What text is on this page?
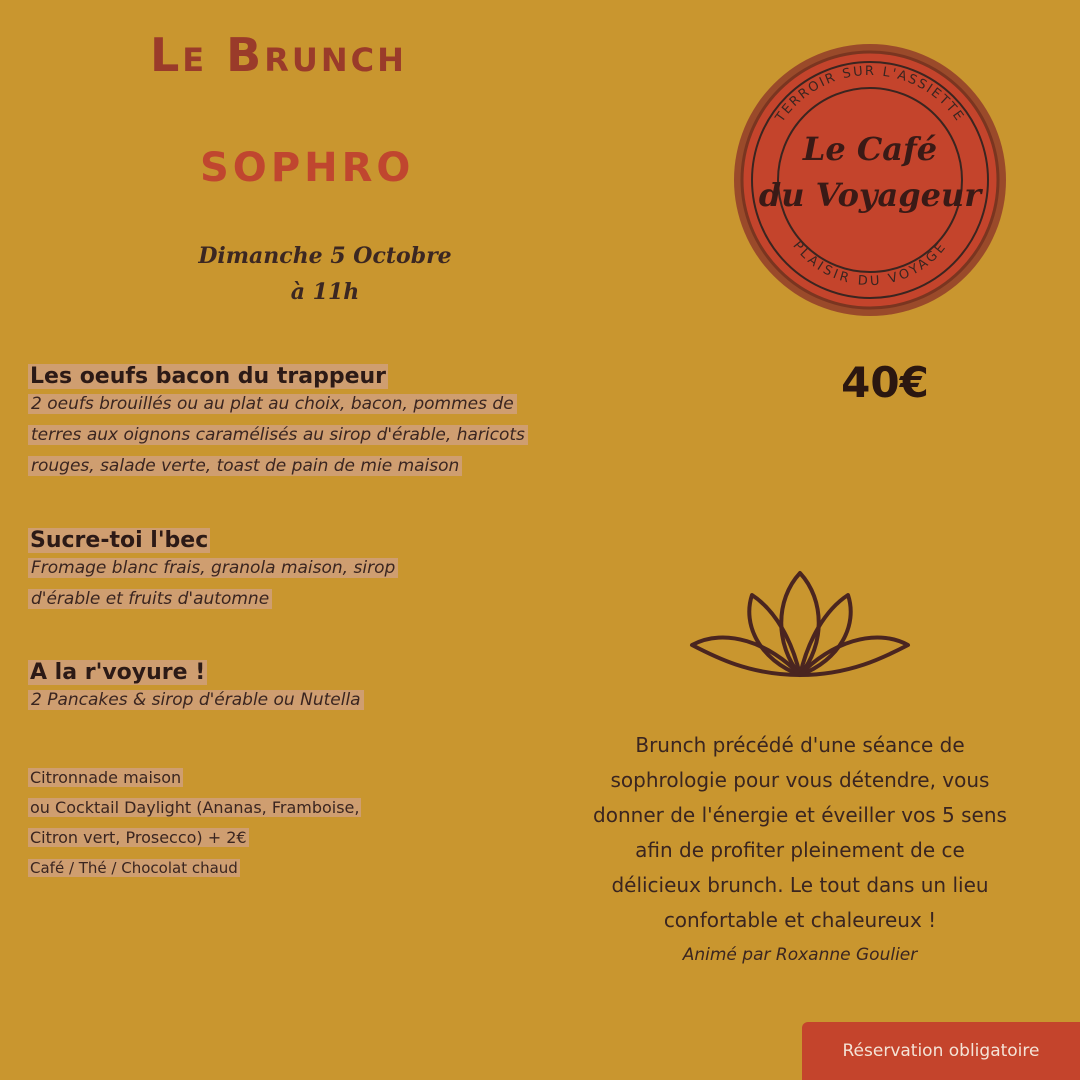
Le Brunch
SOPHRO
Dimanche 5 Octobre
à 11h
TERROIR SUR L'ASSIETTE
PLAISIR DU VOYAGE
Le Café
du Voyageur
40€
Les oeufs bacon du trappeur
2 oeufs brouillés ou au plat au choix, bacon, pommes de
terres aux oignons caramélisés au sirop d'érable, haricots
rouges, salade verte, toast de pain de mie maison
Sucre-toi l'bec
Fromage blanc frais, granola maison, sirop
d'érable et fruits d'automne
A la r'voyure !
2 Pancakes & sirop d'érable ou Nutella
Citronnade maison
ou Cocktail Daylight (Ananas, Framboise,
Citron vert, Prosecco) + 2€
Café / Thé / Chocolat chaud
Brunch précédé d'une séance de
sophrologie pour vous détendre, vous
donner de l'énergie et éveiller vos 5 sens
afin de profiter pleinement de ce
délicieux brunch. Le tout dans un lieu
confortable et chaleureux !
Animé par Roxanne Goulier
Réservation obligatoire
